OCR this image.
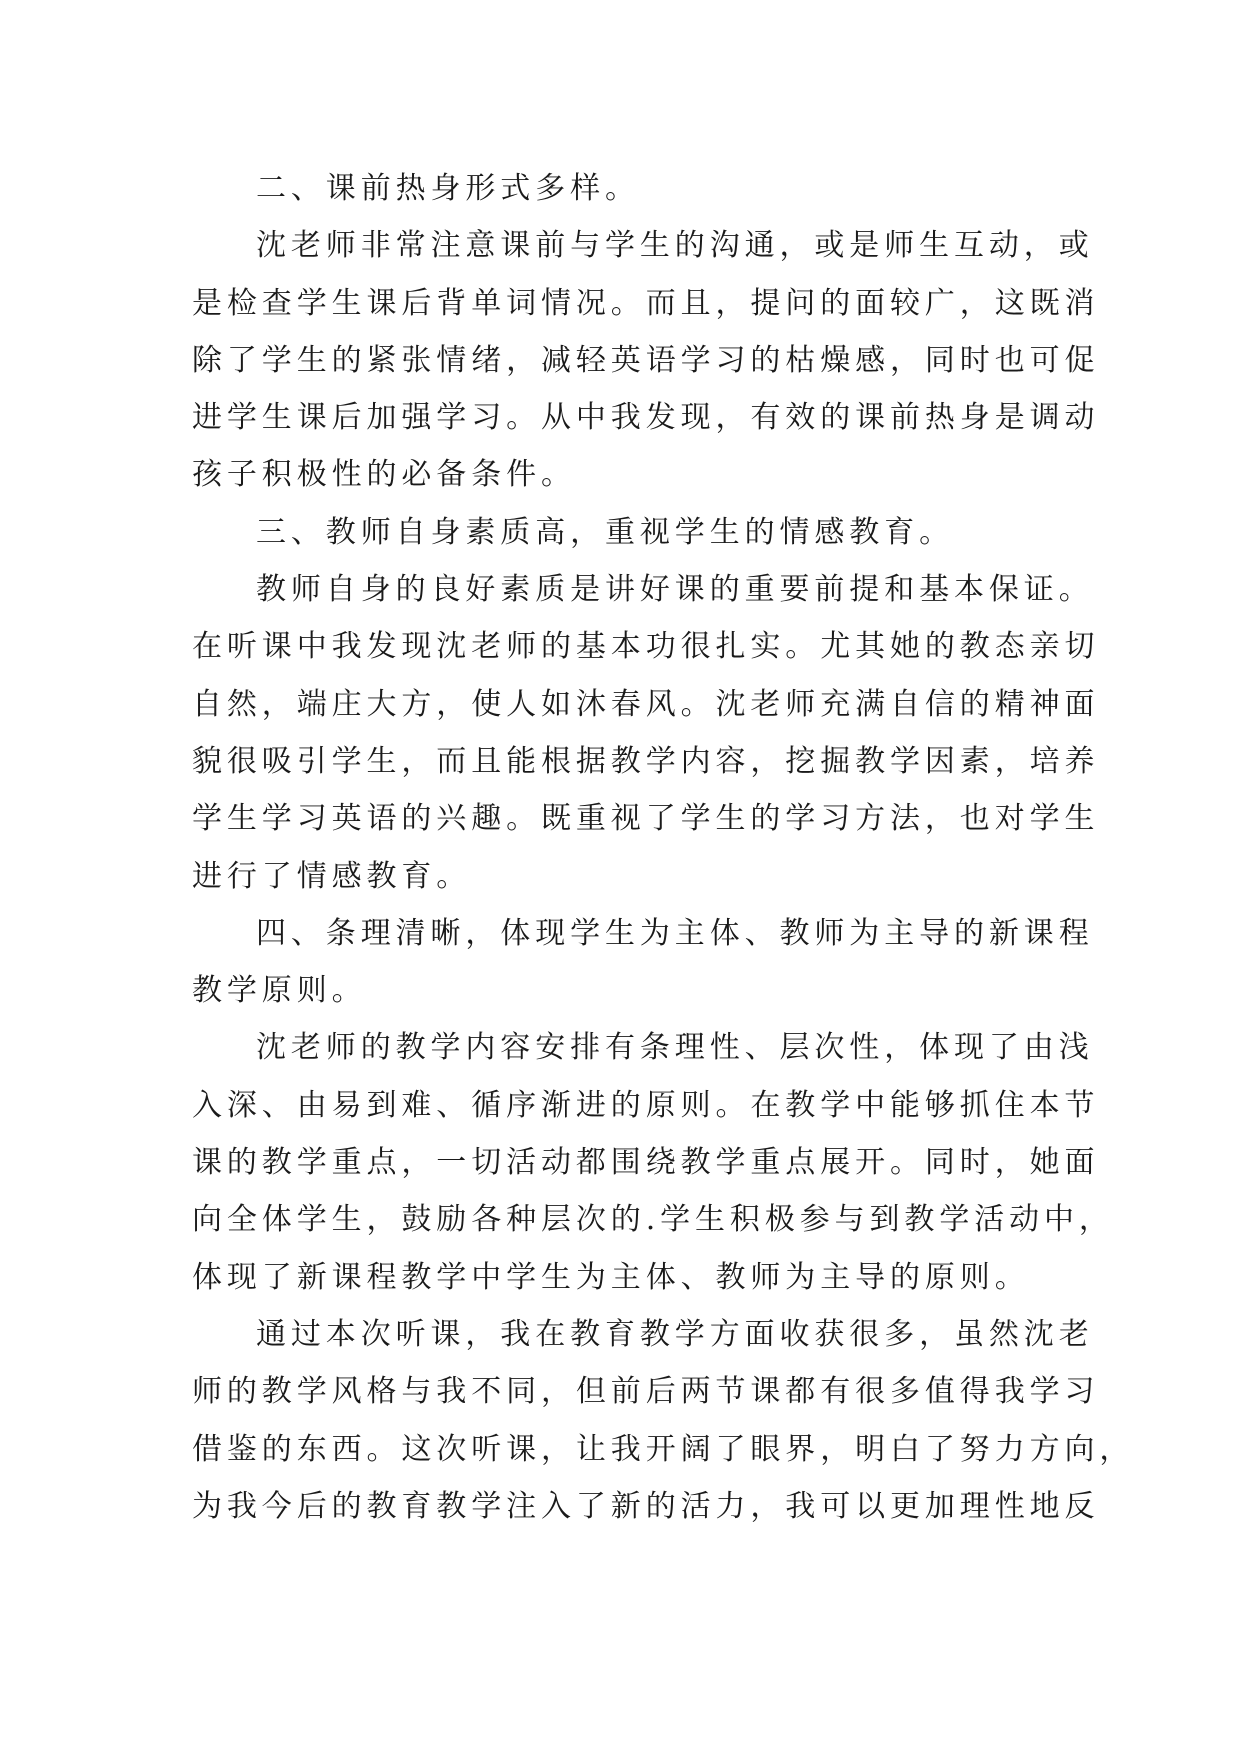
二、课前热身形式多样。
沈老师非常注意课前与学生的沟通，或是师生互动，或
是检查学生课后背单词情况。而且，提问的面较广，这既消
除了学生的紧张情绪，减轻英语学习的枯燥感，同时也可促
进学生课后加强学习。从中我发现，有效的课前热身是调动
孩子积极性的必备条件。
三、教师自身素质高，重视学生的情感教育。
教师自身的良好素质是讲好课的重要前提和基本保证。
在听课中我发现沈老师的基本功很扎实。尤其她的教态亲切
自然，端庄大方，使人如沐春风。沈老师充满自信的精神面
貌很吸引学生，而且能根据教学内容，挖掘教学因素，培养
学生学习英语的兴趣。既重视了学生的学习方法，也对学生
进行了情感教育。
四、条理清晰，体现学生为主体、教师为主导的新课程
教学原则。
沈老师的教学内容安排有条理性、层次性，体现了由浅
入深、由易到难、循序渐进的原则。在教学中能够抓住本节
课的教学重点，一切活动都围绕教学重点展开。同时，她面
向全体学生，鼓励各种层次的.学生积极参与到教学活动中，
体现了新课程教学中学生为主体、教师为主导的原则。
通过本次听课，我在教育教学方面收获很多，虽然沈老
师的教学风格与我不同，但前后两节课都有很多值得我学习
借鉴的东西。这次听课，让我开阔了眼界，明白了努力方向，
为我今后的教育教学注入了新的活力，我可以更加理性地反
